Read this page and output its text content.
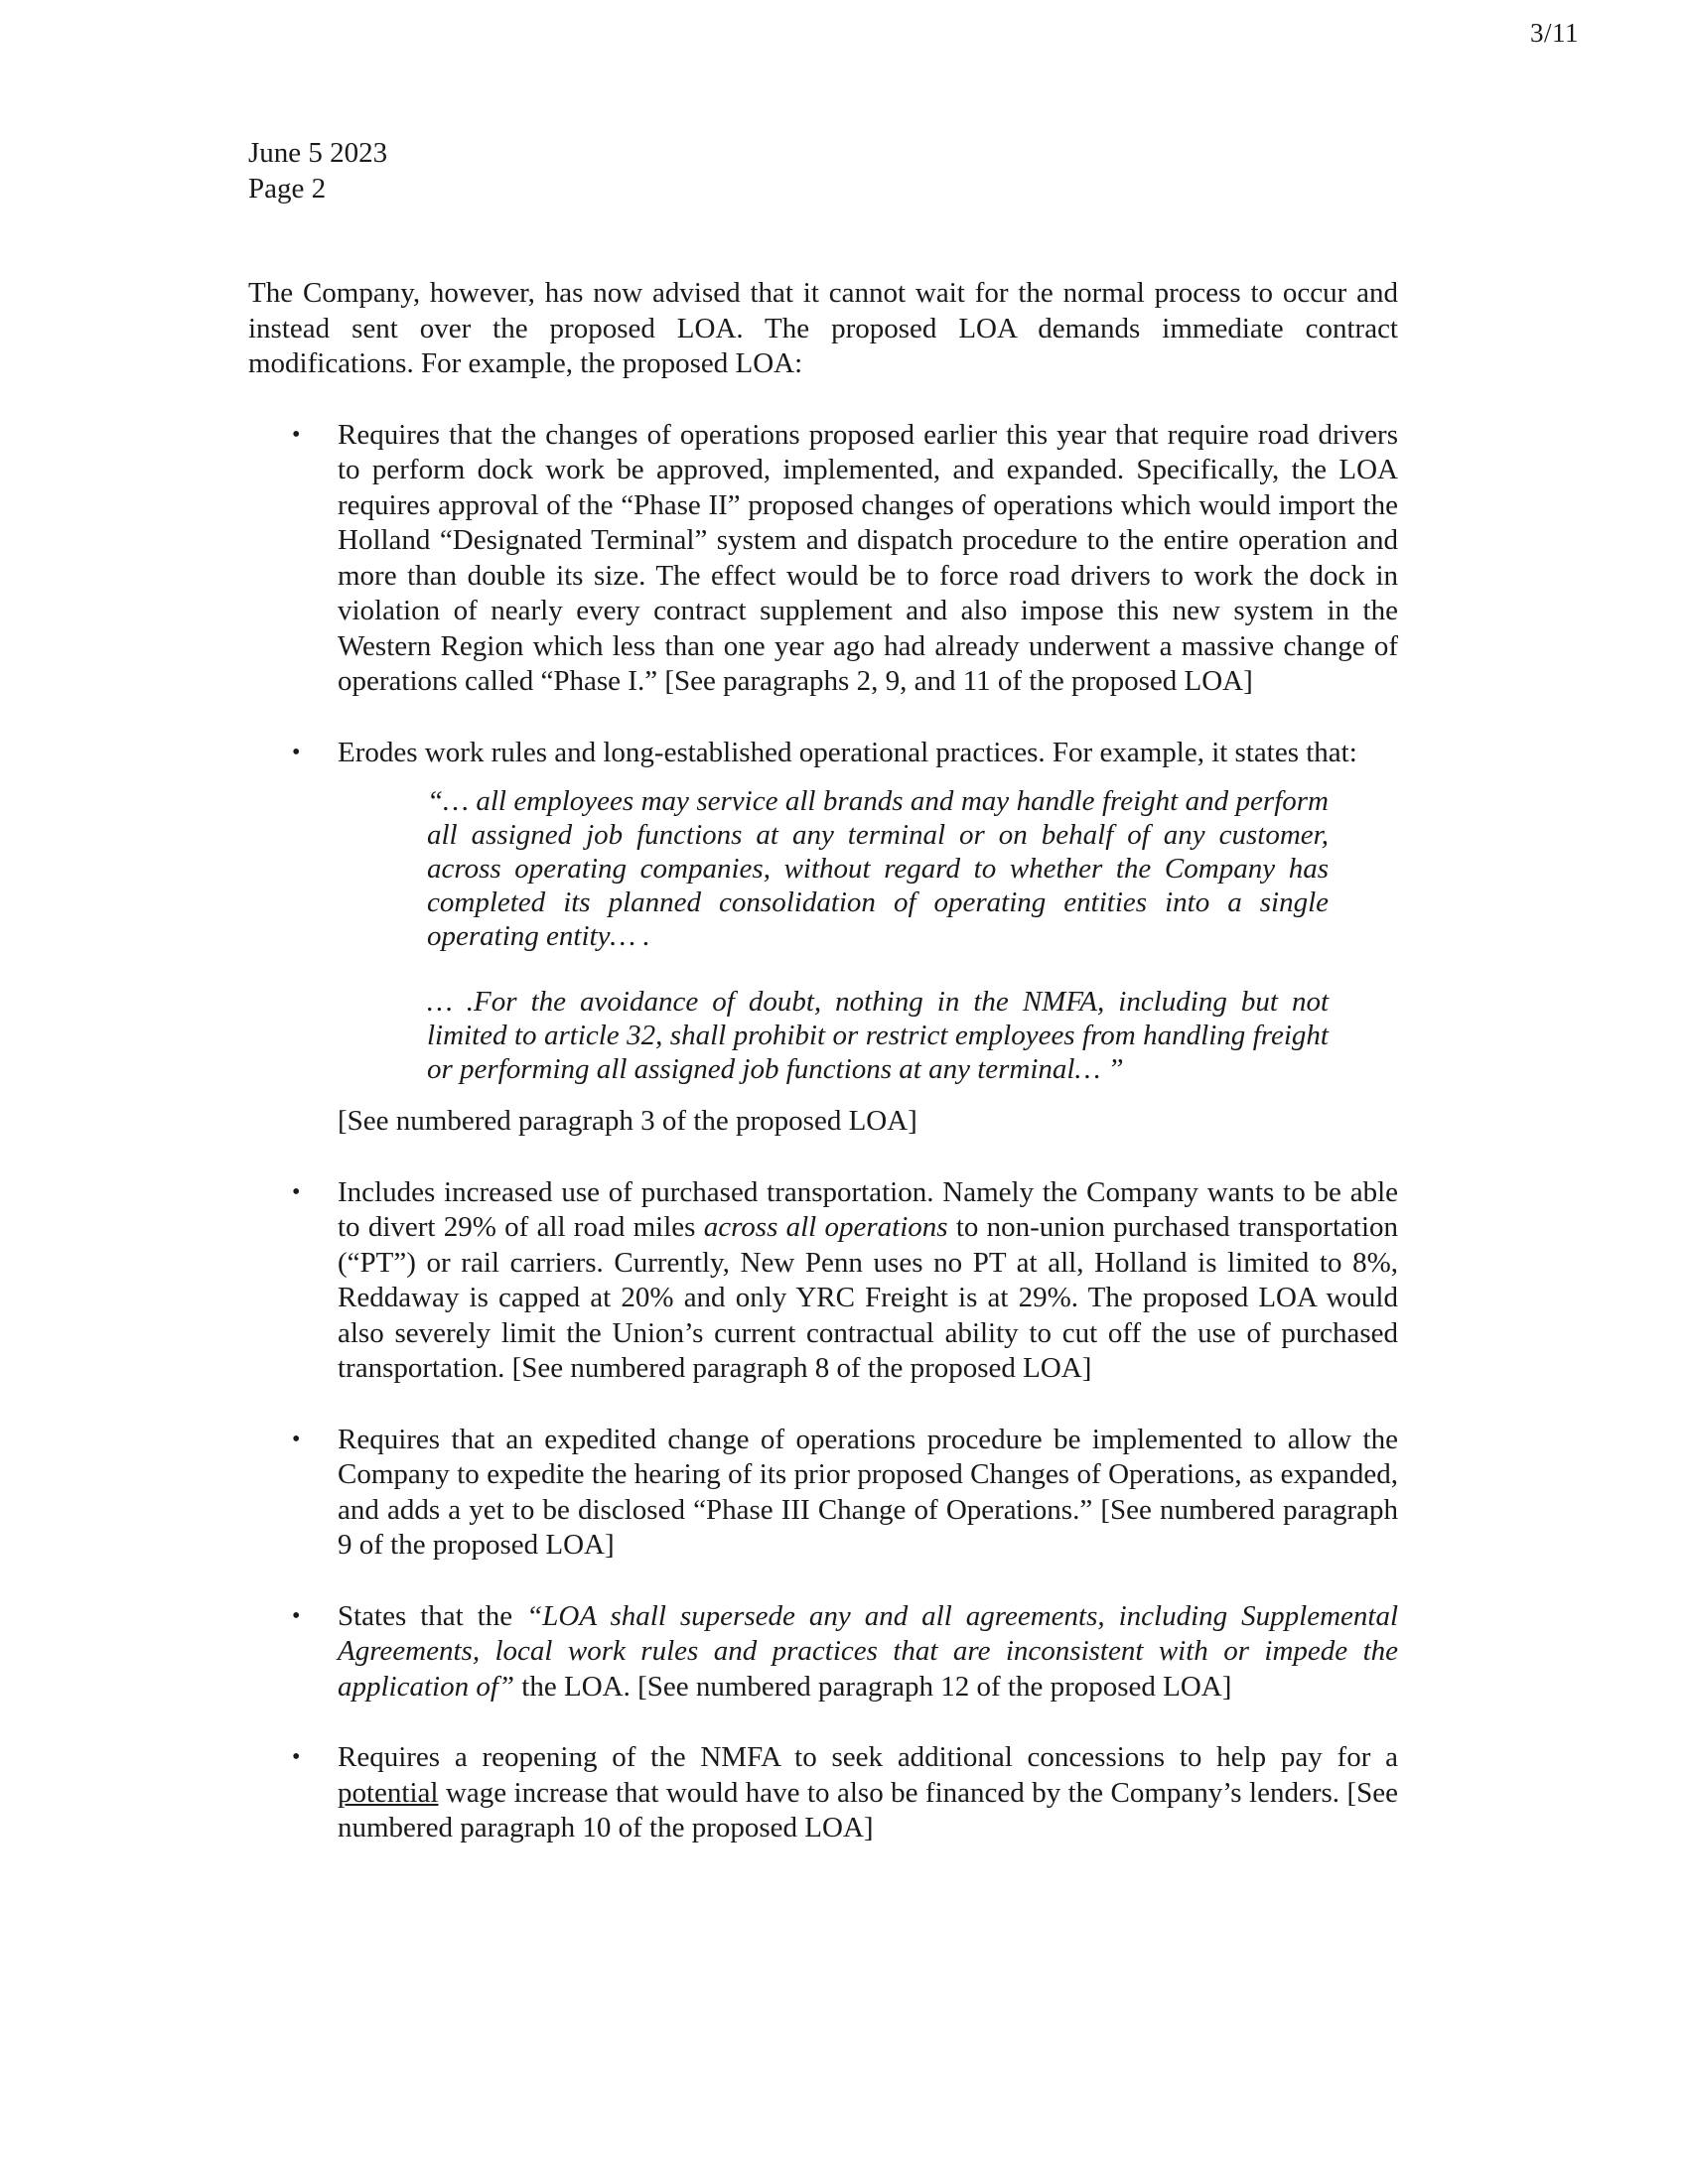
3/11
June 5 2023
Page 2

The Company, however, has now advised that it cannot wait for the normal process to occur and instead sent over the proposed LOA. The proposed LOA demands immediate contract modifications. For example, the proposed LOA:

• Requires that the changes of operations proposed earlier this year that require road drivers to perform dock work be approved, implemented, and expanded. Specifically, the LOA requires approval of the “Phase II” proposed changes of operations which would import the Holland “Designated Terminal” system and dispatch procedure to the entire operation and more than double its size. The effect would be to force road drivers to work the dock in violation of nearly every contract supplement and also impose this new system in the Western Region which less than one year ago had already underwent a massive change of operations called “Phase I.” [See paragraphs 2, 9, and 11 of the proposed LOA]

• Erodes work rules and long-established operational practices. For example, it states that:

“… all employees may service all brands and may handle freight and perform all assigned job functions at any terminal or on behalf of any customer, across operating companies, without regard to whether the Company has completed its planned consolidation of operating entities into a single operating entity… .

… .For the avoidance of doubt, nothing in the NMFA, including but not limited to article 32, shall prohibit or restrict employees from handling freight or performing all assigned job functions at any terminal… ”

[See numbered paragraph 3 of the proposed LOA]

• Includes increased use of purchased transportation. Namely the Company wants to be able to divert 29% of all road miles across all operations to non-union purchased transportation (“PT”) or rail carriers. Currently, New Penn uses no PT at all, Holland is limited to 8%, Reddaway is capped at 20% and only YRC Freight is at 29%. The proposed LOA would also severely limit the Union’s current contractual ability to cut off the use of purchased transportation. [See numbered paragraph 8 of the proposed LOA]

• Requires that an expedited change of operations procedure be implemented to allow the Company to expedite the hearing of its prior proposed Changes of Operations, as expanded, and adds a yet to be disclosed “Phase III Change of Operations.” [See numbered paragraph 9 of the proposed LOA]

• States that the “LOA shall supersede any and all agreements, including Supplemental Agreements, local work rules and practices that are inconsistent with or impede the application of” the LOA. [See numbered paragraph 12 of the proposed LOA]

• Requires a reopening of the NMFA to seek additional concessions to help pay for a potential wage increase that would have to also be financed by the Company’s lenders. [See numbered paragraph 10 of the proposed LOA]
